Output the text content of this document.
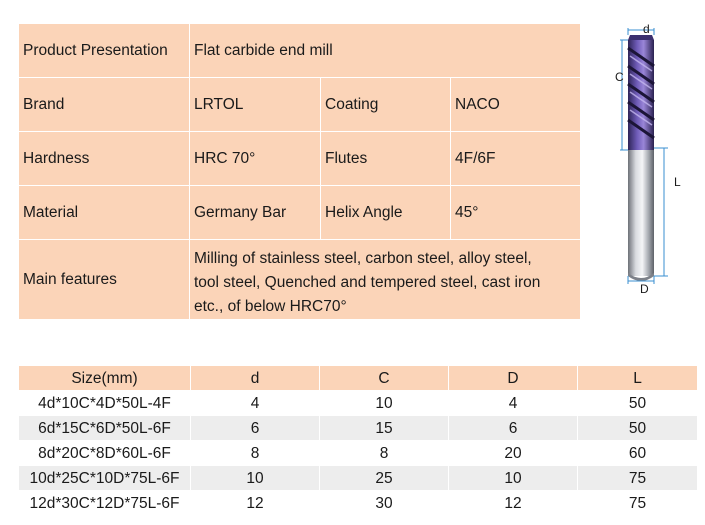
Product Presentation	Flat carbide end mill
Brand	LRTOL	Coating	NACO
Hardness	HRC 70°	Flutes	4F/6F
Material	Germany Bar	Helix Angle	45°
Main features
Milling of stainless steel, carbon steel, alloy steel,
tool steel, Quenched and tempered steel, cast iron
etc., of below HRC70°
d
C
L
D
Size(mm)	d	C	D	L
4d*10C*4D*50L-4F	4	10	4	50
6d*15C*6D*50L-6F	6	15	6	50
8d*20C*8D*60L-6F	8	8	20	60
10d*25C*10D*75L-6F	10	25	10	75
12d*30C*12D*75L-6F	12	30	12	75
